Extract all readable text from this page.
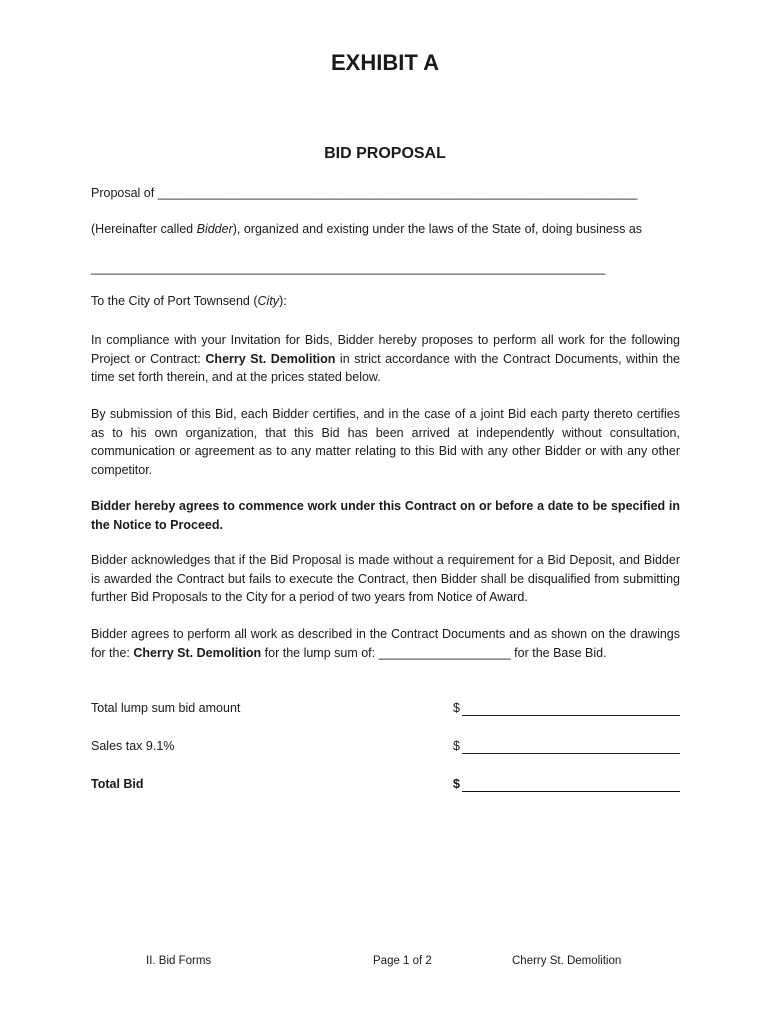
EXHIBIT A
BID PROPOSAL
Proposal of _____________________________________________________________________
(Hereinafter called Bidder), organized and existing under the laws of the State of, doing business as
__________________________________________________________________________
To the City of Port Townsend (City):
In compliance with your Invitation for Bids, Bidder hereby proposes to perform all work for the following Project or Contract: Cherry St. Demolition in strict accordance with the Contract Documents, within the time set forth therein, and at the prices stated below.
By submission of this Bid, each Bidder certifies, and in the case of a joint Bid each party thereto certifies as to his own organization, that this Bid has been arrived at independently without consultation, communication or agreement as to any matter relating to this Bid with any other Bidder or with any other competitor.
Bidder hereby agrees to commence work under this Contract on or before a date to be specified in the Notice to Proceed.
Bidder acknowledges that if the Bid Proposal is made without a requirement for a Bid Deposit, and Bidder is awarded the Contract but fails to execute the Contract, then Bidder shall be disqualified from submitting further Bid Proposals to the City for a period of two years from Notice of Award.
Bidder agrees to perform all work as described in the Contract Documents and as shown on the drawings for the: Cherry St. Demolition for the lump sum of: ___________________ for the Base Bid.
Total lump sum bid amount	$
Sales tax 9.1%	$
Total Bid	$
II. Bid Forms	Page 1 of 2	Cherry St. Demolition
